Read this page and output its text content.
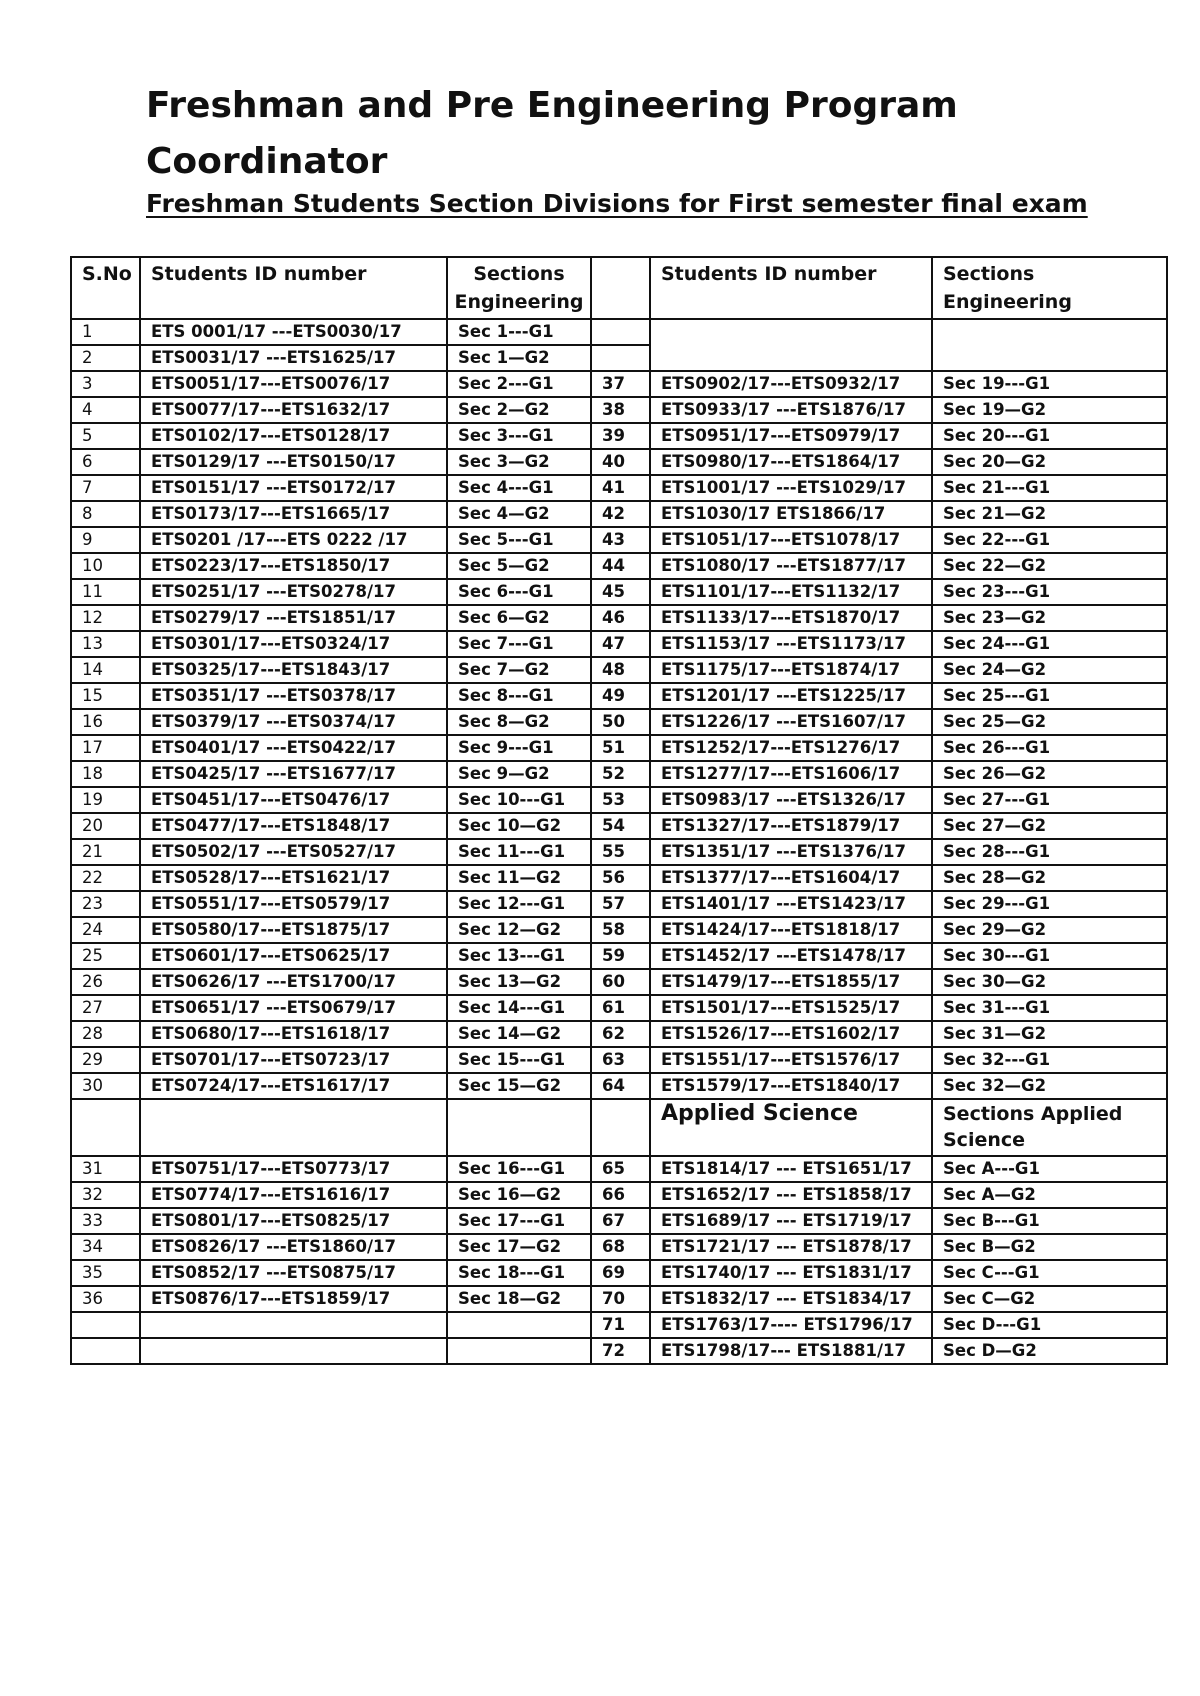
Freshman and Pre Engineering Program Coordinator
Freshman Students Section Divisions for First semester final exam
S.No	Students ID number	Sections Engineering		Students ID number	Sections Engineering
1	ETS 0001/17 ---ETS0030/17	Sec 1---G1			
2	ETS0031/17 ---ETS1625/17	Sec 1—G2			
3	ETS0051/17---ETS0076/17	Sec 2---G1	37	ETS0902/17---ETS0932/17	Sec 19---G1
4	ETS0077/17---ETS1632/17	Sec 2—G2	38	ETS0933/17 ---ETS1876/17	Sec 19—G2
5	ETS0102/17---ETS0128/17	Sec 3---G1	39	ETS0951/17---ETS0979/17	Sec 20---G1
6	ETS0129/17 ---ETS0150/17	Sec 3—G2	40	ETS0980/17---ETS1864/17	Sec 20—G2
7	ETS0151/17 ---ETS0172/17	Sec 4---G1	41	ETS1001/17 ---ETS1029/17	Sec 21---G1
8	ETS0173/17---ETS1665/17	Sec 4—G2	42	ETS1030/17 ETS1866/17	Sec 21—G2
9	ETS0201 /17---ETS 0222 /17	Sec 5---G1	43	ETS1051/17---ETS1078/17	Sec 22---G1
10	ETS0223/17---ETS1850/17	Sec 5—G2	44	ETS1080/17 ---ETS1877/17	Sec 22—G2
11	ETS0251/17 ---ETS0278/17	Sec 6---G1	45	ETS1101/17---ETS1132/17	Sec 23---G1
12	ETS0279/17 ---ETS1851/17	Sec 6—G2	46	ETS1133/17---ETS1870/17	Sec 23—G2
13	ETS0301/17---ETS0324/17	Sec 7---G1	47	ETS1153/17 ---ETS1173/17	Sec 24---G1
14	ETS0325/17---ETS1843/17	Sec 7—G2	48	ETS1175/17---ETS1874/17	Sec 24—G2
15	ETS0351/17 ---ETS0378/17	Sec 8---G1	49	ETS1201/17 ---ETS1225/17	Sec 25---G1
16	ETS0379/17 ---ETS0374/17	Sec 8—G2	50	ETS1226/17 ---ETS1607/17	Sec 25—G2
17	ETS0401/17 ---ETS0422/17	Sec 9---G1	51	ETS1252/17---ETS1276/17	Sec 26---G1
18	ETS0425/17 ---ETS1677/17	Sec 9—G2	52	ETS1277/17---ETS1606/17	Sec 26—G2
19	ETS0451/17---ETS0476/17	Sec 10---G1	53	ETS0983/17 ---ETS1326/17	Sec 27---G1
20	ETS0477/17---ETS1848/17	Sec 10—G2	54	ETS1327/17---ETS1879/17	Sec 27—G2
21	ETS0502/17 ---ETS0527/17	Sec 11---G1	55	ETS1351/17 ---ETS1376/17	Sec 28---G1
22	ETS0528/17---ETS1621/17	Sec 11—G2	56	ETS1377/17---ETS1604/17	Sec 28—G2
23	ETS0551/17---ETS0579/17	Sec 12---G1	57	ETS1401/17 ---ETS1423/17	Sec 29---G1
24	ETS0580/17---ETS1875/17	Sec 12—G2	58	ETS1424/17---ETS1818/17	Sec 29—G2
25	ETS0601/17---ETS0625/17	Sec 13---G1	59	ETS1452/17 ---ETS1478/17	Sec 30---G1
26	ETS0626/17 ---ETS1700/17	Sec 13—G2	60	ETS1479/17---ETS1855/17	Sec 30—G2
27	ETS0651/17 ---ETS0679/17	Sec 14---G1	61	ETS1501/17---ETS1525/17	Sec 31---G1
28	ETS0680/17---ETS1618/17	Sec 14—G2	62	ETS1526/17---ETS1602/17	Sec 31—G2
29	ETS0701/17---ETS0723/17	Sec 15---G1	63	ETS1551/17---ETS1576/17	Sec 32---G1
30	ETS0724/17---ETS1617/17	Sec 15—G2	64	ETS1579/17---ETS1840/17	Sec 32—G2
				Applied Science	Sections Applied Science
31	ETS0751/17---ETS0773/17	Sec 16---G1	65	ETS1814/17 --- ETS1651/17	Sec A---G1
32	ETS0774/17---ETS1616/17	Sec 16—G2	66	ETS1652/17 --- ETS1858/17	Sec A—G2
33	ETS0801/17---ETS0825/17	Sec 17---G1	67	ETS1689/17 --- ETS1719/17	Sec B---G1
34	ETS0826/17 ---ETS1860/17	Sec 17—G2	68	ETS1721/17 --- ETS1878/17	Sec B—G2
35	ETS0852/17 ---ETS0875/17	Sec 18---G1	69	ETS1740/17 --- ETS1831/17	Sec C---G1
36	ETS0876/17---ETS1859/17	Sec 18—G2	70	ETS1832/17 --- ETS1834/17	Sec C—G2
			71	ETS1763/17---- ETS1796/17	Sec D---G1
			72	ETS1798/17--- ETS1881/17	Sec D—G2
